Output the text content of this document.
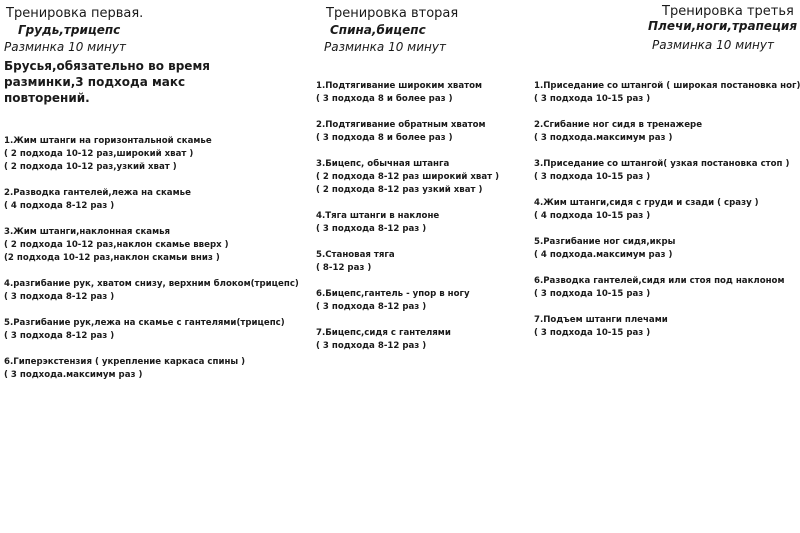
Тренировка первая.
Грудь,трицепс
Разминка 10 минут
Брусья,обязательно во время разминки,3 подхода макс повторений.
1.Жим штанги на горизонтальной скамье
( 2 подхода 10-12 раз,широкий хват )
( 2 подхода 10-12 раз,узкий хват )
2.Разводка гантелей,лежа на скамье
( 4 подхода 8-12 раз )
3.Жим штанги,наклонная скамья
( 2 подхода 10-12 раз,наклон скамье вверх )
(2 подхода 10-12 раз,наклон скамьи вниз )
4.разгибание рук, хватом снизу, верхним блоком(трицепс)
( 3 подхода 8-12 раз )
5.Разгибание рук,лежа на скамье с гантелями(трицепс)
( 3 подхода 8-12 раз )
6.Гиперэкстензия ( укрепление каркаса спины )
( 3 подхода.максимум раз )
Тренировка вторая
Спина,бицепс
Разминка 10 минут
1.Подтягивание широким хватом
( 3 подхода 8 и более раз )
2.Подтягивание обратным хватом
( 3 подхода 8 и более раз )
3.Бицепс, обычная штанга
( 2 подхода 8-12 раз широкий хват )
( 2 подхода 8-12 раз узкий хват )
4.Тяга штанги в наклоне
( 3 подхода 8-12 раз )
5.Становая тяга
( 8-12 раз )
6.Бицепс,гантель - упор в ногу
( 3 подхода 8-12 раз )
7.Бицепс,сидя с гантелями
( 3 подхода 8-12 раз )
Тренировка третья
Плечи,ноги,трапеция
Разминка 10 минут
1.Приседание со штангой ( широкая постановка ног)
( 3 подхода 10-15 раз )
2.Сгибание ног сидя в тренажере
( 3 подхода.максимум раз )
3.Приседание со штангой( узкая постановка стоп )
( 3 подхода 10-15 раз )
4.Жим штанги,сидя с груди и сзади ( сразу )
( 4 подхода 10-15 раз )
5.Разгибание ног сидя,икры
( 4 подхода.максимум раз )
6.Разводка гантелей,сидя или стоя под наклоном
( 3 подхода 10-15 раз )
7.Подъем штанги плечами
( 3 подхода 10-15 раз )
